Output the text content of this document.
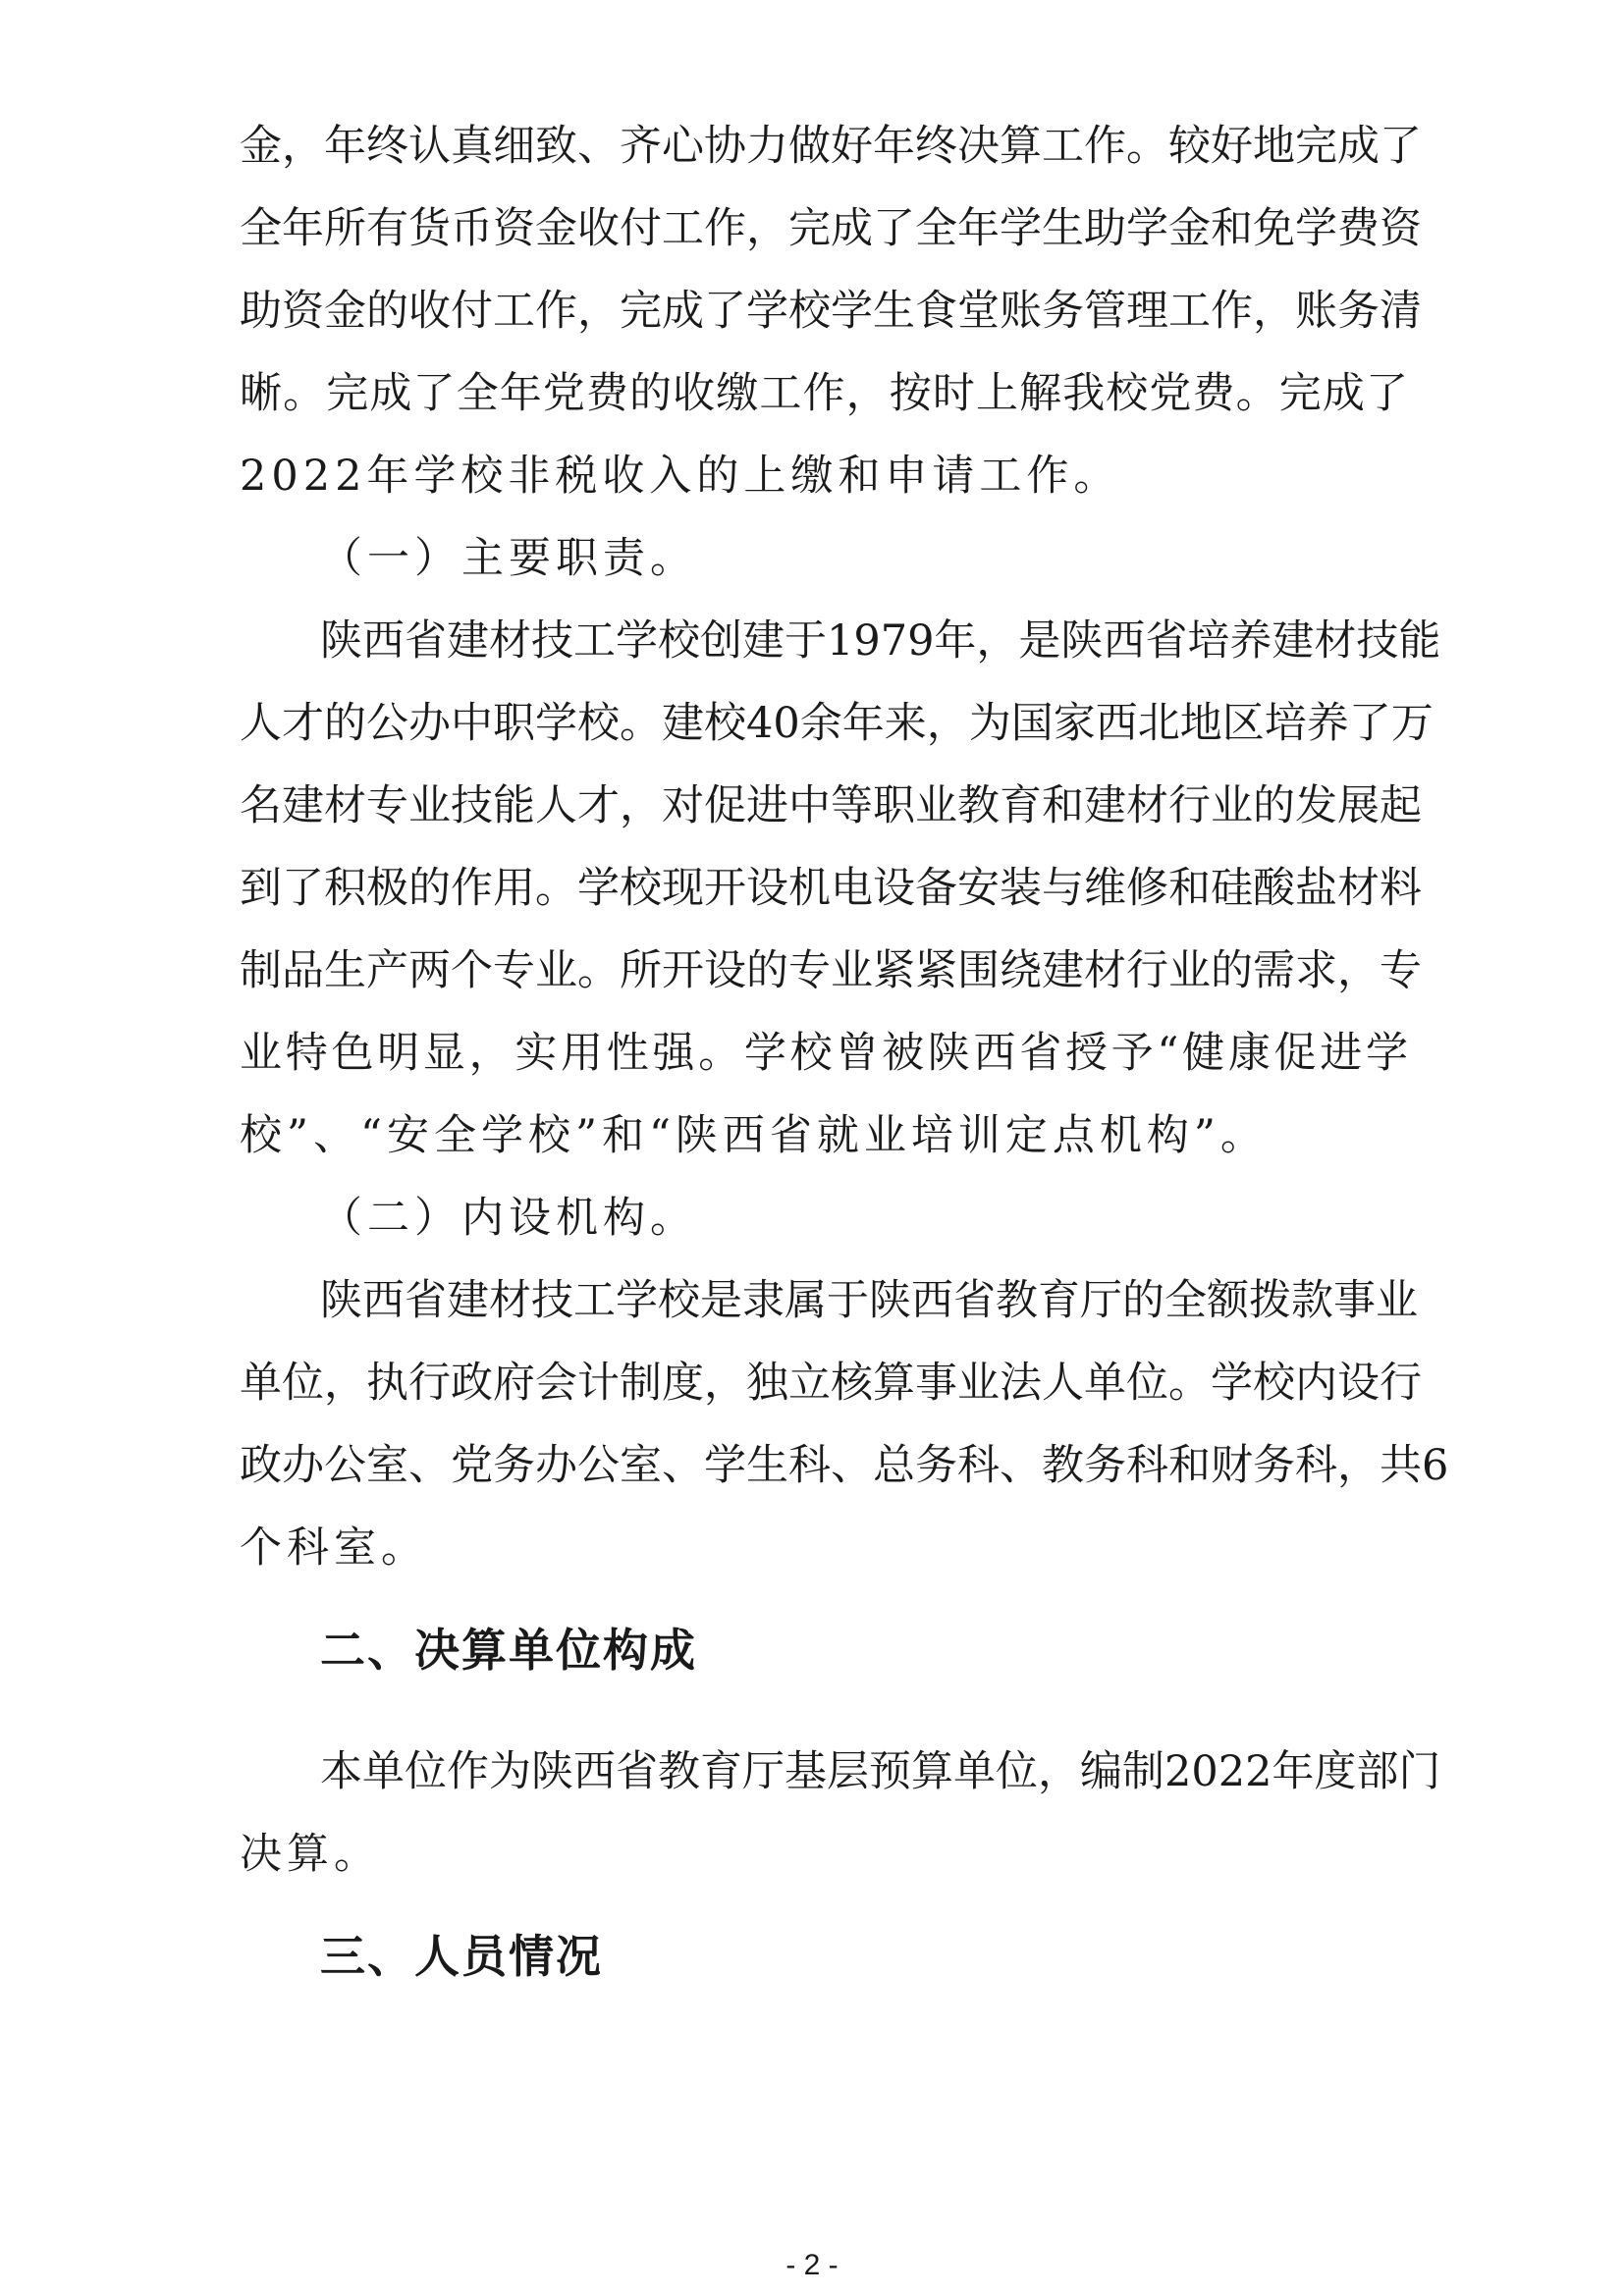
金，年终认真细致、齐心协力做好年终决算工作。较好地完成了
全年所有货币资金收付工作，完成了全年学生助学金和免学费资
助资金的收付工作，完成了学校学生食堂账务管理工作，账务清
晰。完成了全年党费的收缴工作，按时上解我校党费。完成了
2022年学校非税收入的上缴和申请工作。
（一）主要职责。
陕西省建材技工学校创建于1979年，是陕西省培养建材技能
人才的公办中职学校。建校40余年来，为国家西北地区培养了万
名建材专业技能人才，对促进中等职业教育和建材行业的发展起
到了积极的作用。学校现开设机电设备安装与维修和硅酸盐材料
制品生产两个专业。所开设的专业紧紧围绕建材行业的需求，专
业特色明显，实用性强。学校曾被陕西省授予“健康促进学
校”、“安全学校”和“陕西省就业培训定点机构”。
（二）内设机构。
陕西省建材技工学校是隶属于陕西省教育厅的全额拨款事业
单位，执行政府会计制度，独立核算事业法人单位。学校内设行
政办公室、党务办公室、学生科、总务科、教务科和财务科，共6
个科室。
二、决算单位构成
本单位作为陕西省教育厅基层预算单位，编制2022年度部门
决算。
三、人员情况
- 2 -
